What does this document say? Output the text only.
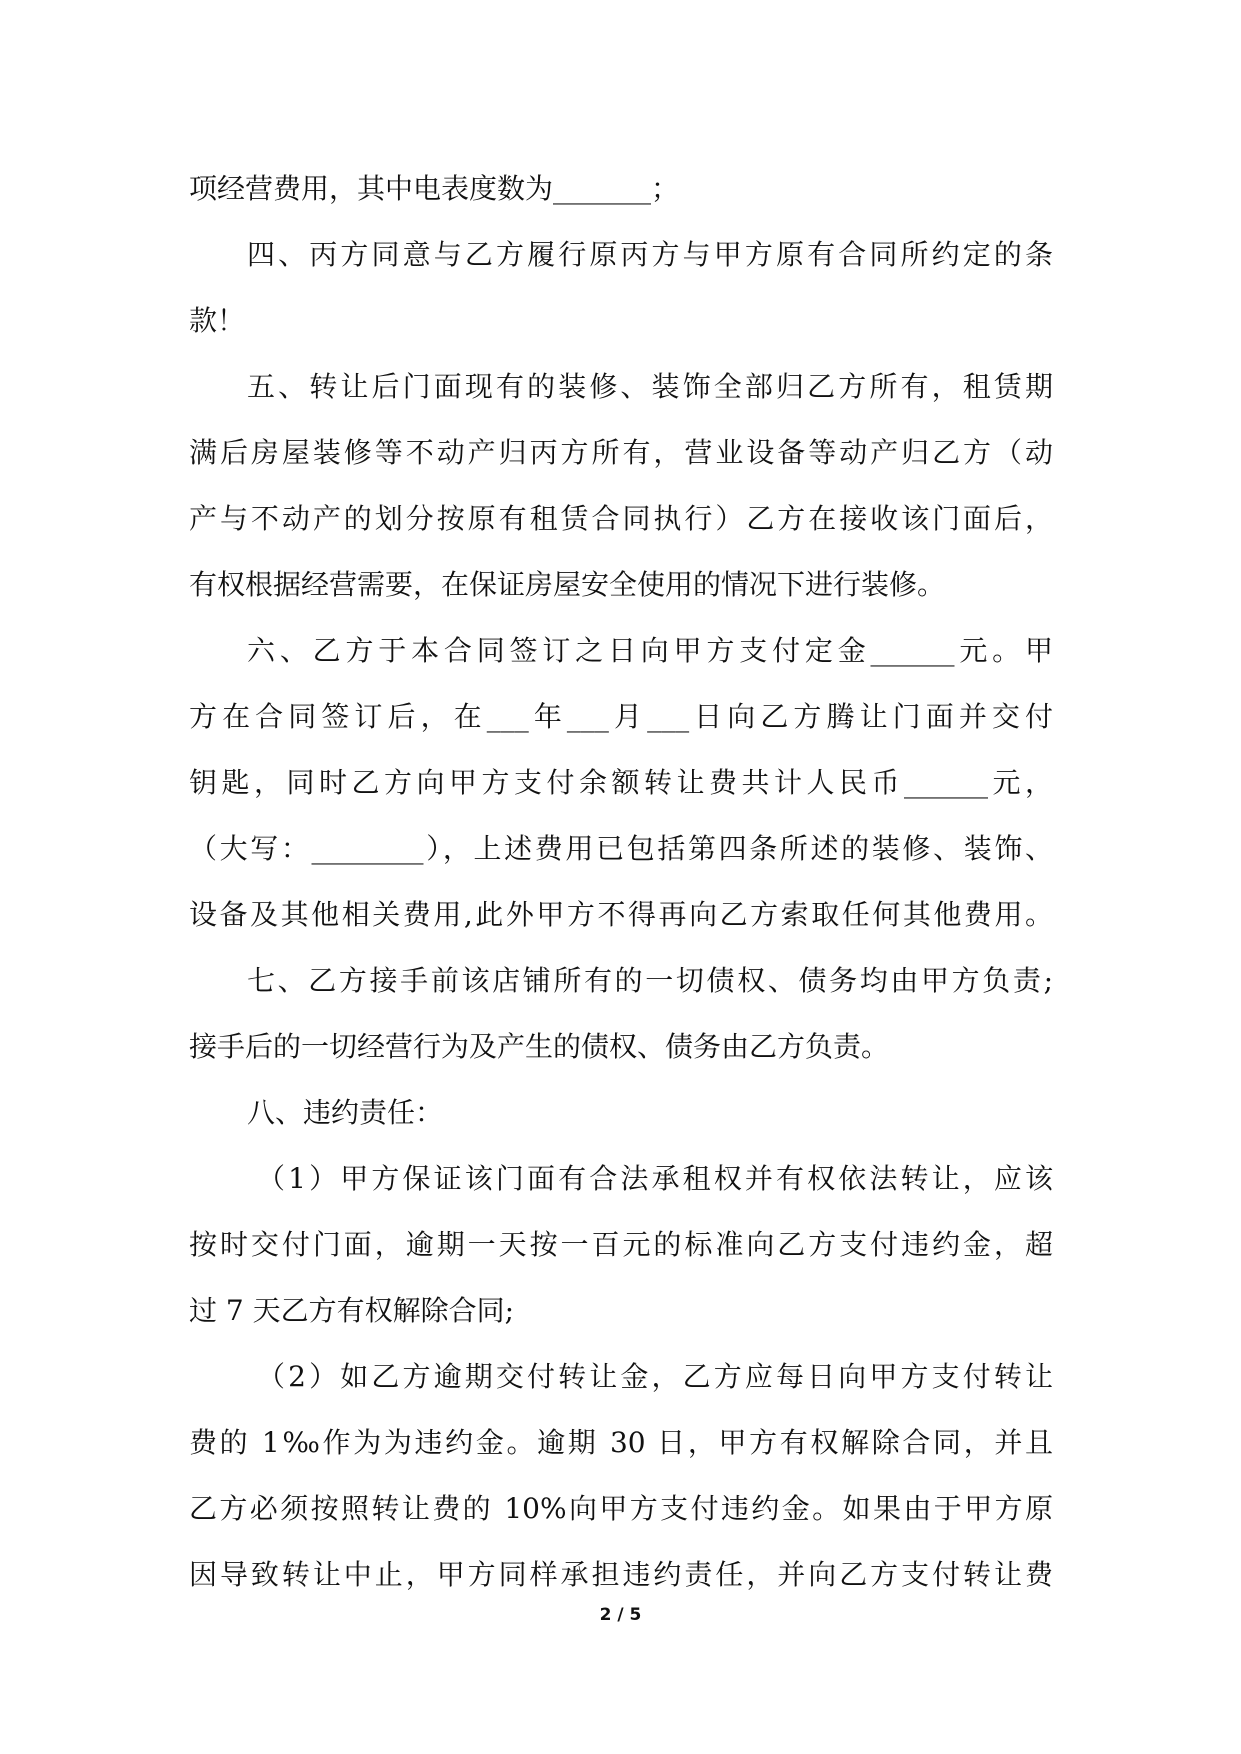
项经营费用，其中电表度数为_______；
四、丙方同意与乙方履行原丙方与甲方原有合同所约定的条
款！
五、转让后门面现有的装修、装饰全部归乙方所有，租赁期
满后房屋装修等不动产归丙方所有，营业设备等动产归乙方（动
产与不动产的划分按原有租赁合同执行）乙方在接收该门面后，
有权根据经营需要，在保证房屋安全使用的情况下进行装修。
六、乙方于本合同签订之日向甲方支付定金______元。甲
方在合同签订后，在___年___月___日向乙方腾让门面并交付
钥匙，同时乙方向甲方支付余额转让费共计人民币______元，
（大写：________），上述费用已包括第四条所述的装修、装饰、
设备及其他相关费用,此外甲方不得再向乙方索取任何其他费用。
七、乙方接手前该店铺所有的一切债权、债务均由甲方负责;
接手后的一切经营行为及产生的债权、债务由乙方负责。
八、违约责任：
（1）甲方保证该门面有合法承租权并有权依法转让，应该
按时交付门面，逾期一天按一百元的标准向乙方支付违约金，超
过 7 天乙方有权解除合同;
（2）如乙方逾期交付转让金，乙方应每日向甲方支付转让
费的 1‰作为为违约金。逾期 30 日，甲方有权解除合同，并且
乙方必须按照转让费的 10%向甲方支付违约金。如果由于甲方原
因导致转让中止，甲方同样承担违约责任，并向乙方支付转让费
2 / 5
